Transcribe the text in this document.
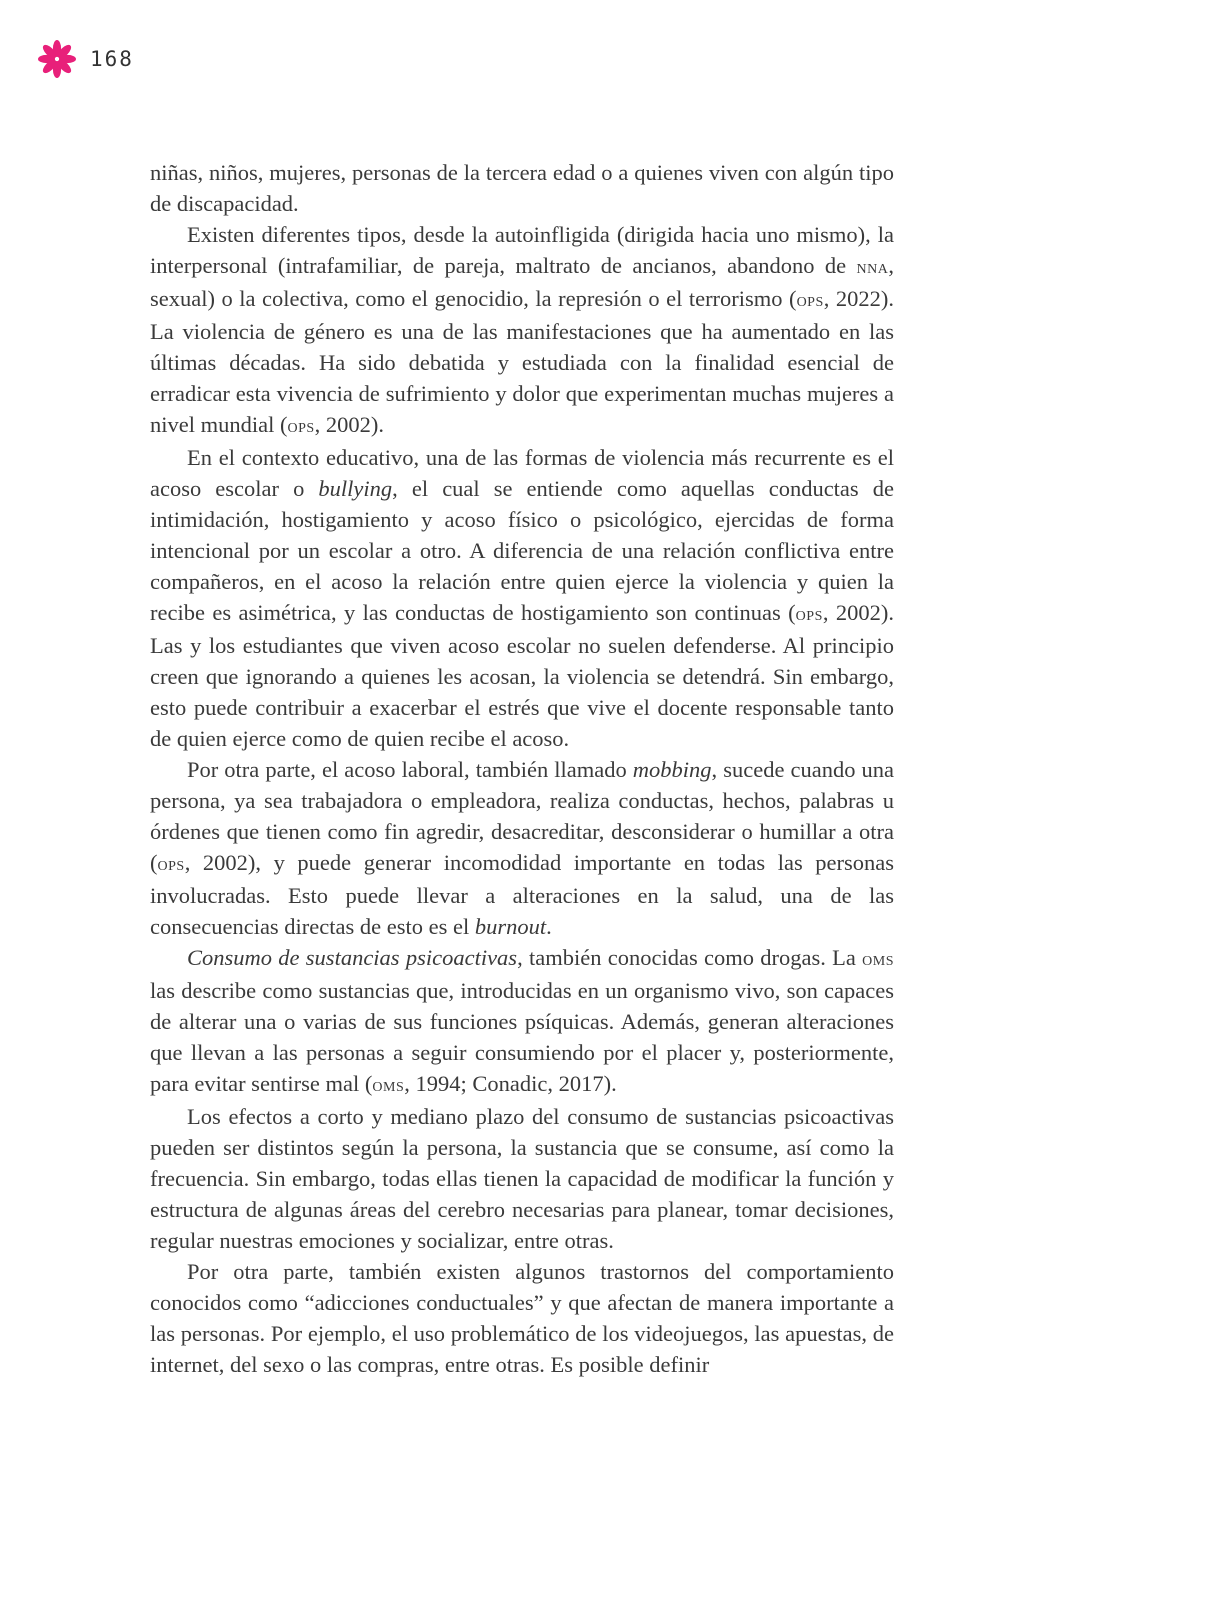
168

niñas, niños, mujeres, personas de la tercera edad o a quienes viven con algún tipo de discapacidad.

Existen diferentes tipos, desde la autoinfligida (dirigida hacia uno mismo), la interpersonal (intrafamiliar, de pareja, maltrato de ancianos, abandono de nna, sexual) o la colectiva, como el genocidio, la represión o el terrorismo (ops, 2022). La violencia de género es una de las manifestaciones que ha aumentado en las últimas décadas. Ha sido debatida y estudiada con la finalidad esencial de erradicar esta vivencia de sufrimiento y dolor que experimentan muchas mujeres a nivel mundial (ops, 2002).

En el contexto educativo, una de las formas de violencia más recurrente es el acoso escolar o bullying, el cual se entiende como aquellas conductas de intimidación, hostigamiento y acoso físico o psicológico, ejercidas de forma intencional por un escolar a otro. A diferencia de una relación conflictiva entre compañeros, en el acoso la relación entre quien ejerce la violencia y quien la recibe es asimétrica, y las conductas de hostigamiento son continuas (ops, 2002). Las y los estudiantes que viven acoso escolar no suelen defenderse. Al principio creen que ignorando a quienes les acosan, la violencia se detendrá. Sin embargo, esto puede contribuir a exacerbar el estrés que vive el docente responsable tanto de quien ejerce como de quien recibe el acoso.

Por otra parte, el acoso laboral, también llamado mobbing, sucede cuando una persona, ya sea trabajadora o empleadora, realiza conductas, hechos, palabras u órdenes que tienen como fin agredir, desacreditar, desconsiderar o humillar a otra (ops, 2002), y puede generar incomodidad importante en todas las personas involucradas. Esto puede llevar a alteraciones en la salud, una de las consecuencias directas de esto es el burnout.

Consumo de sustancias psicoactivas, también conocidas como drogas. La oms las describe como sustancias que, introducidas en un organismo vivo, son capaces de alterar una o varias de sus funciones psíquicas. Además, generan alteraciones que llevan a las personas a seguir consumiendo por el placer y, posteriormente, para evitar sentirse mal (oms, 1994; Conadic, 2017).

Los efectos a corto y mediano plazo del consumo de sustancias psicoactivas pueden ser distintos según la persona, la sustancia que se consume, así como la frecuencia. Sin embargo, todas ellas tienen la capacidad de modificar la función y estructura de algunas áreas del cerebro necesarias para planear, tomar decisiones, regular nuestras emociones y socializar, entre otras.

Por otra parte, también existen algunos trastornos del comportamiento conocidos como “adicciones conductuales” y que afectan de manera importante a las personas. Por ejemplo, el uso problemático de los videojuegos, las apuestas, de internet, del sexo o las compras, entre otras. Es posible definir
